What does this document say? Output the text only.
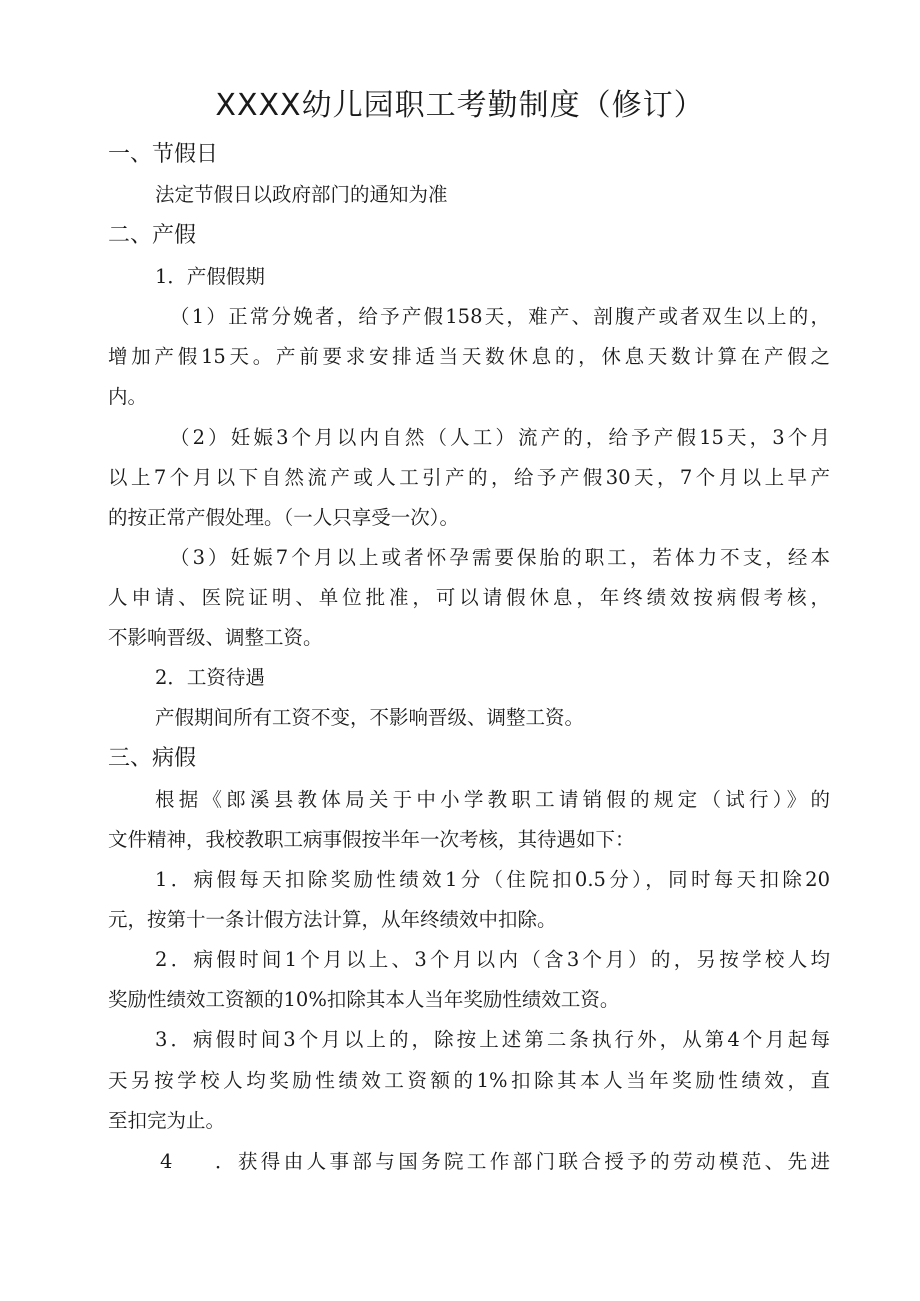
XXXX幼儿园职工考勤制度（修订）
一、节假日
法定节假日以政府部门的通知为准
二、产假
1．产假假期
（1）正常分娩者，给予产假158天，难产、剖腹产或者双生以上的，
增加产假15天。产前要求安排适当天数休息的，休息天数计算在产假之
内。
（2）妊娠3个月以内自然（人工）流产的，给予产假15天，3个月
以上7个月以下自然流产或人工引产的，给予产假30天，7个月以上早产
的按正常产假处理。（一人只享受一次）。
（3）妊娠7个月以上或者怀孕需要保胎的职工，若体力不支，经本
人申请、医院证明、单位批准，可以请假休息，年终绩效按病假考核，
不影响晋级、调整工资。
2．工资待遇
产假期间所有工资不变，不影响晋级、调整工资。
三、病假
根据《郎溪县教体局关于中小学教职工请销假的规定（试行）》的
文件精神，我校教职工病事假按半年一次考核，其待遇如下：
1．病假每天扣除奖励性绩效1分（住院扣0.5分），同时每天扣除20
元，按第十一条计假方法计算，从年终绩效中扣除。
2．病假时间1个月以上、3个月以内（含3个月）的，另按学校人均
奖励性绩效工资额的10%扣除其本人当年奖励性绩效工资。
3．病假时间3个月以上的，除按上述第二条执行外，从第4个月起每
天另按学校人均奖励性绩效工资额的1%扣除其本人当年奖励性绩效，直
至扣完为止。
4 ．获得由人事部与国务院工作部门联合授予的劳动模范、先进
